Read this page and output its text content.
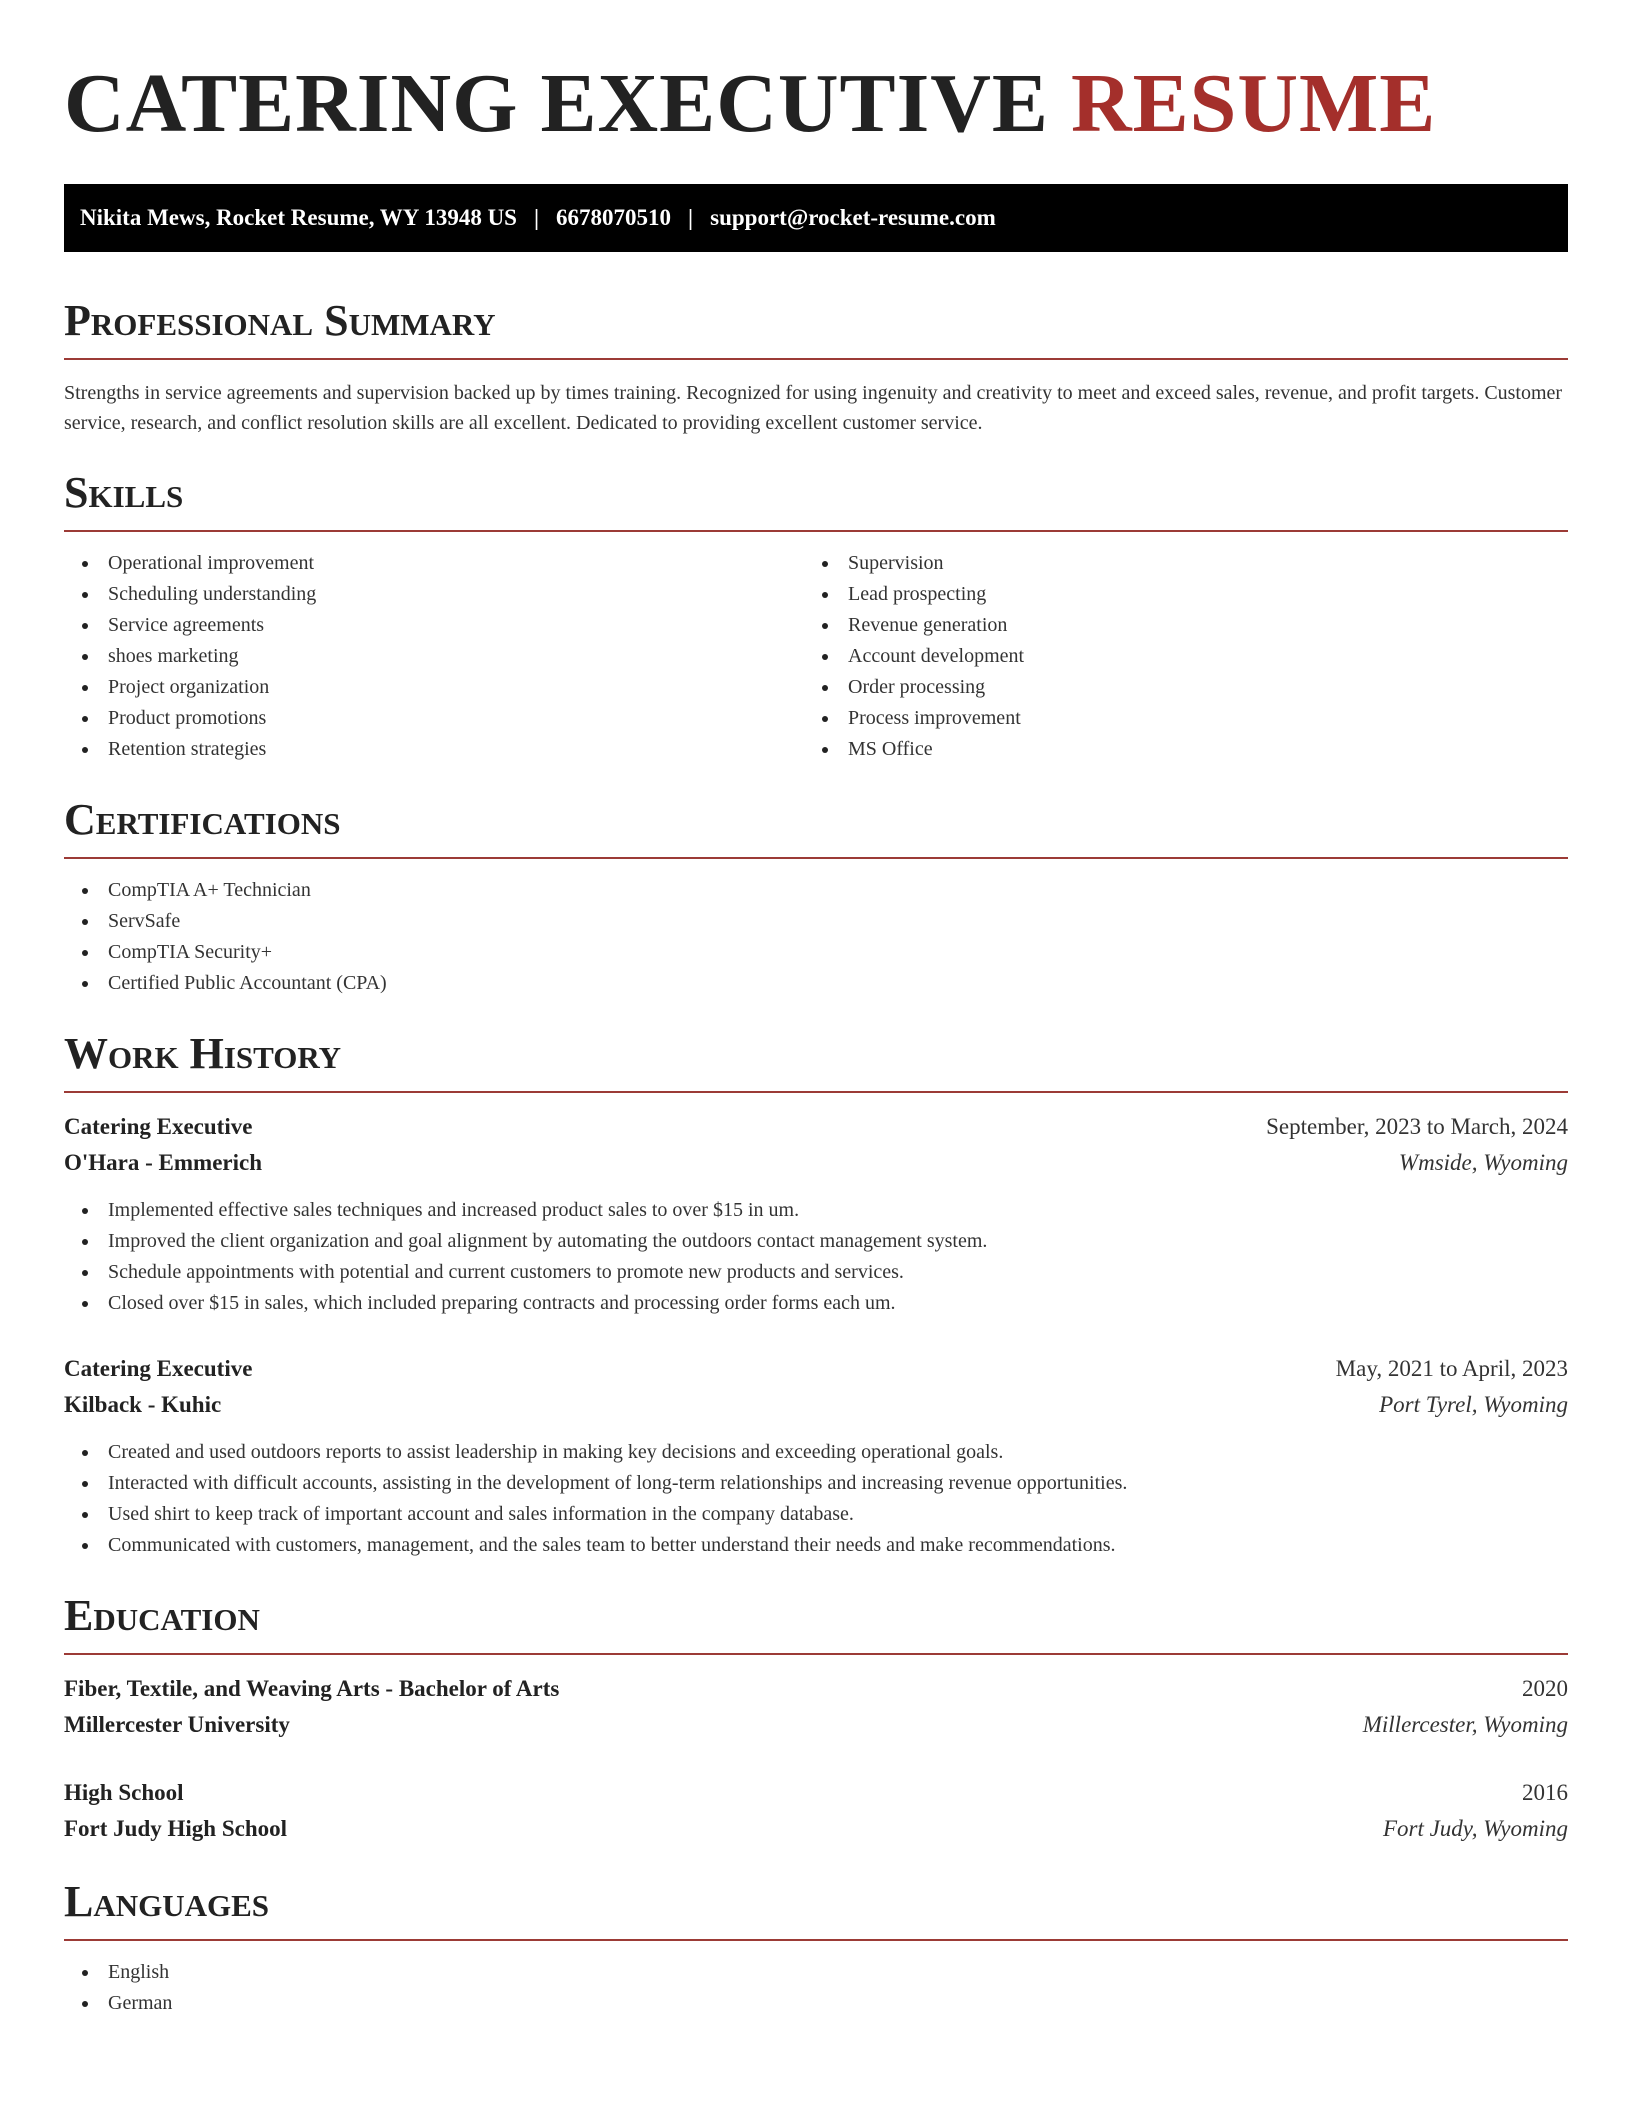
CATERING EXECUTIVE RESUME
Nikita Mews, Rocket Resume, WY 13948 US | 6678070510 | support@rocket-resume.com
Professional Summary

Strengths in service agreements and supervision backed up by times training. Recognized for using ingenuity and creativity to meet and exceed sales, revenue, and profit targets. Customer service, research, and conflict resolution skills are all excellent. Dedicated to providing excellent customer service.

Skills
Operational improvement
Scheduling understanding
Service agreements
shoes marketing
Project organization
Product promotions
Retention strategies
Supervision
Lead prospecting
Revenue generation
Account development
Order processing
Process improvement
MS Office
Certifications
CompTIA A+ Technician
ServSafe
CompTIA Security+
Certified Public Accountant (CPA)
Work History
Catering Executive	September, 2023 to March, 2024
O'Hara - Emmerich	Wmside, Wyoming
Implemented effective sales techniques and increased product sales to over $15 in um.
Improved the client organization and goal alignment by automating the outdoors contact management system.
Schedule appointments with potential and current customers to promote new products and services.
Closed over $15 in sales, which included preparing contracts and processing order forms each um.
Catering Executive	May, 2021 to April, 2023
Kilback - Kuhic	Port Tyrel, Wyoming
Created and used outdoors reports to assist leadership in making key decisions and exceeding operational goals.
Interacted with difficult accounts, assisting in the development of long-term relationships and increasing revenue opportunities.
Used shirt to keep track of important account and sales information in the company database.
Communicated with customers, management, and the sales team to better understand their needs and make recommendations.
Education
Fiber, Textile, and Weaving Arts - Bachelor of Arts	2020
Millercester University	Millercester, Wyoming
High School	2016
Fort Judy High School	Fort Judy, Wyoming
Languages
English
German
